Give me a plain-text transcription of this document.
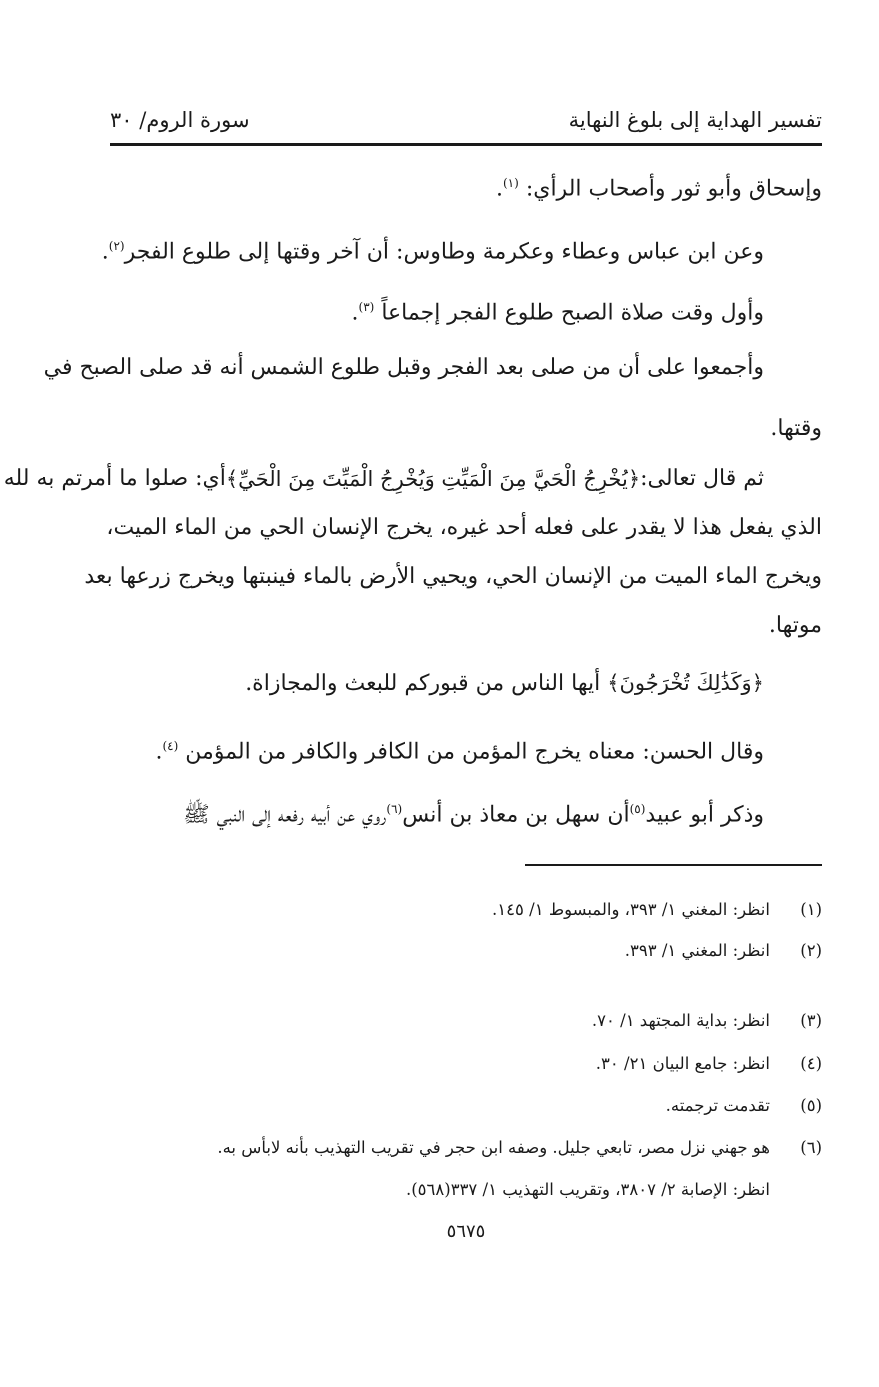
تفسير الهداية إلى بلوغ النهاية
سورة الروم/ ٣٠
وإسحاق وأبو ثور وأصحاب الرأي: $^{(١)}$.
وعن ابن عباس وعطاء وعكرمة وطاوس: أن آخر وقتها إلى طلوع الفجر$^{(٢)}$.
وأول وقت صلاة الصبح طلوع الفجر إجماعاً $^{(٣)}$.
وأجمعوا على أن من صلى بعد الفجر وقبل طلوع الشمس أنه قد صلى الصبح في
وقتها.
ثم قال تعالى:
﴿يُخْرِجُ الْحَيَّ مِنَ الْمَيِّتِ وَيُخْرِجُ الْمَيِّتَ مِنَ الْحَيِّ﴾
أي: صلوا ما أمرتم به لله
الذي يفعل هذا لا يقدر على فعله أحد غيره، يخرج الإنسان الحي من الماء الميت،
ويخرج الماء الميت من الإنسان الحي، ويحيي الأرض بالماء فينبتها ويخرج زرعها بعد
موتها.
﴿وَكَذَٰلِكَ تُخْرَجُونَ﴾ أيها الناس من قبوركم للبعث والمجازاة.
وقال الحسن: معناه يخرج المؤمن من الكافر والكافر من المؤمن $^{(٤)}$.
وذكر أبو عبيد$^{(٥)}$أن سهل بن معاذ بن أنس$^{(٦)}$روي عن أبيه رفعه إلى النبي ﷺ
(١)
انظر: المغني ١/ ٣٩٣، والمبسوط ١/ ١٤٥.
(٢)
انظر: المغني ١/ ٣٩٣.
(٣)
انظر: بداية المجتهد ١/ ٧٠.
(٤)
انظر: جامع البيان ٢١/ ٣٠.
(٥)
تقدمت ترجمته.
(٦)
هو جهني نزل مصر، تابعي جليل. وصفه ابن حجر في تقريب التهذيب بأنه لابأس به.
انظر: الإصابة ٢/ ٣٨٠٧، وتقريب التهذيب ١/ ٣٣٧(٥٦٨).
٥٦٧٥
